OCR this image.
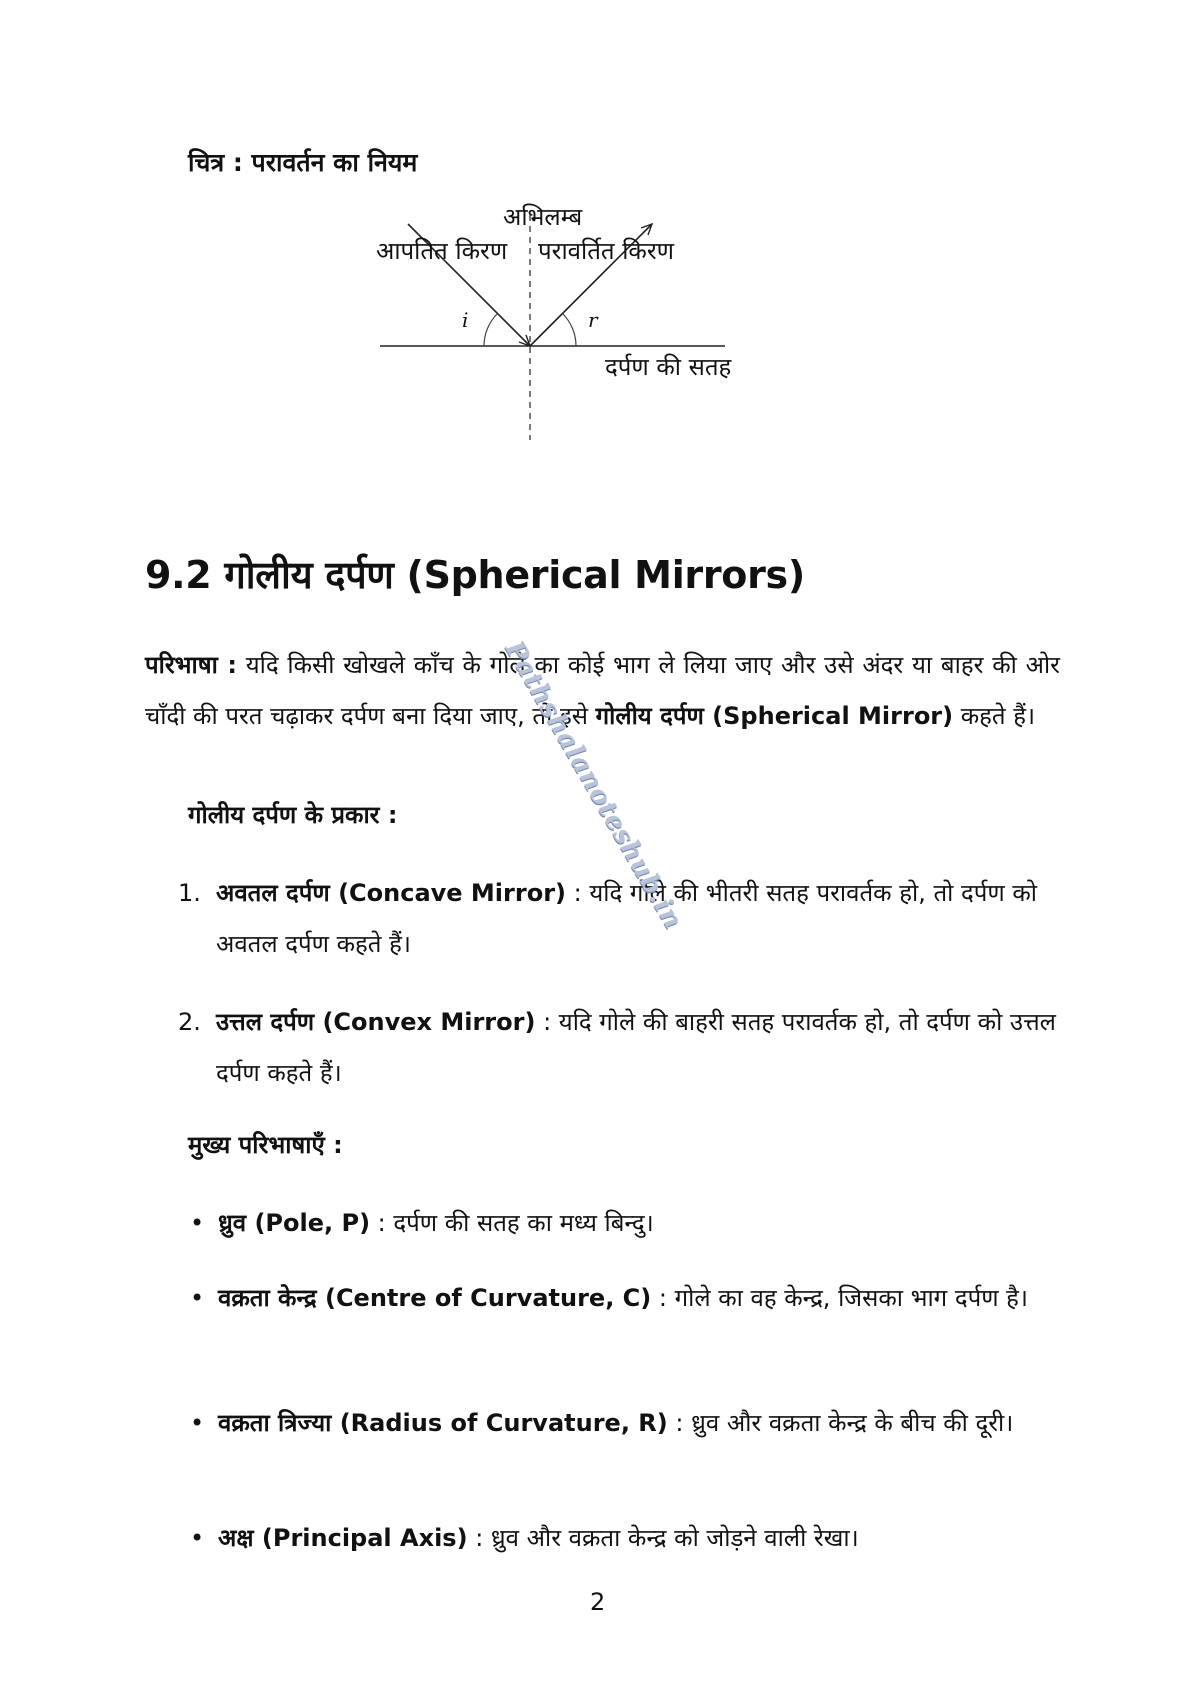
चित्र : परावर्तन का नियम
अभिलम्ब
आपतित किरण परावर्तित किरण
i	r
दर्पण की सतह
9.2 गोलीय दर्पण (Spherical Mirrors)
परिभाषा : यदि किसी खोखले काँच के गोले का कोई भाग ले लिया जाए और उसे अंदर या बाहर की ओर चाँदी की परत चढ़ाकर दर्पण बना दिया जाए, तो इसे गोलीय दर्पण (Spherical Mirror) कहते हैं।
गोलीय दर्पण के प्रकार :
1. अवतल दर्पण (Concave Mirror) : यदि गोले की भीतरी सतह परावर्तक हो, तो दर्पण को अवतल दर्पण कहते हैं।
2. उत्तल दर्पण (Convex Mirror) : यदि गोले की बाहरी सतह परावर्तक हो, तो दर्पण को उत्तल दर्पण कहते हैं।
मुख्य परिभाषाएँ :
• ध्रुव (Pole, P) : दर्पण की सतह का मध्य बिन्दु।
• वक्रता केन्द्र (Centre of Curvature, C) : गोले का वह केन्द्र, जिसका भाग दर्पण है।
• वक्रता त्रिज्या (Radius of Curvature, R) : ध्रुव और वक्रता केन्द्र के बीच की दूरी।
• अक्ष (Principal Axis) : ध्रुव और वक्रता केन्द्र को जोड़ने वाली रेखा।
Pathshalanoteshub.in
2
